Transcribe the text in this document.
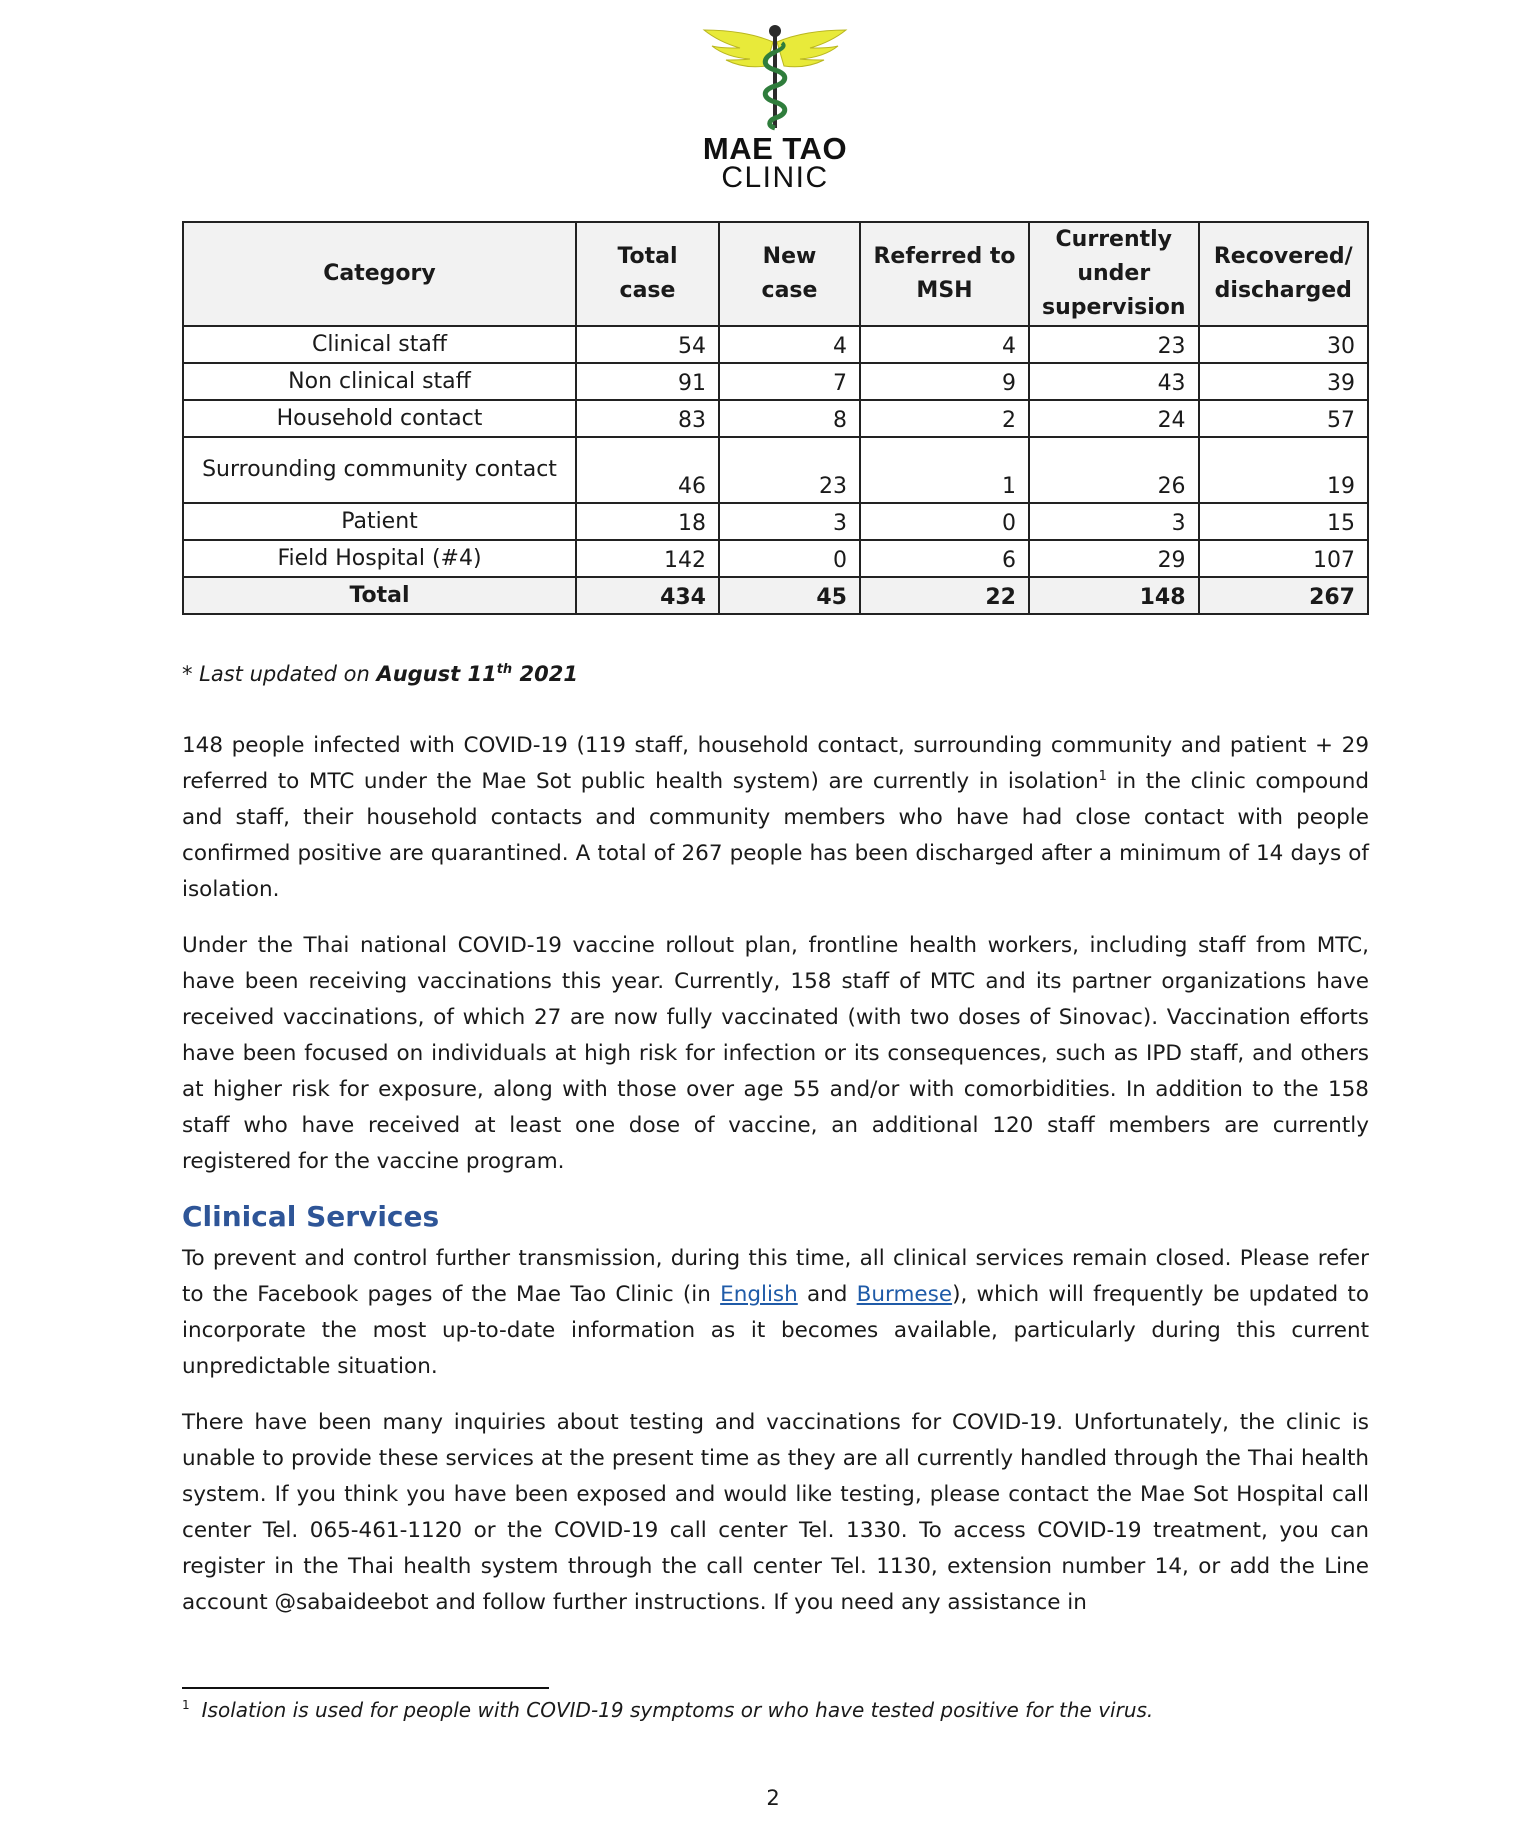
MAE TAO
CLINIC
Category	Total case	New case	Referred to MSH	Currently under supervision	Recovered/ discharged
Clinical staff	54	4	4	23	30
Non clinical staff	91	7	9	43	39
Household contact	83	8	2	24	57
Surrounding community contact	46	23	1	26	19
Patient	18	3	0	3	15
Field Hospital (#4)	142	0	6	29	107
Total	434	45	22	148	267
* Last updated on August 11th 2021

148 people infected with COVID-19 (119 staff, household contact, surrounding community and patient + 29 referred to MTC under the Mae Sot public health system) are currently in isolation$^1$ in the clinic compound and staff, their household contacts and community members who have had close contact with people confirmed positive are quarantined. A total of 267 people has been discharged after a minimum of 14 days of isolation.

Under the Thai national COVID-19 vaccine rollout plan, frontline health workers, including staff from MTC, have been receiving vaccinations this year. Currently, 158 staff of MTC and its partner organizations have received vaccinations, of which 27 are now fully vaccinated (with two doses of Sinovac). Vaccination efforts have been focused on individuals at high risk for infection or its consequences, such as IPD staff, and others at higher risk for exposure, along with those over age 55 and/or with comorbidities. In addition to the 158 staff who have received at least one dose of vaccine, an additional 120 staff members are currently registered for the vaccine program.

Clinical Services

To prevent and control further transmission, during this time, all clinical services remain closed. Please refer to the Facebook pages of the Mae Tao Clinic (in English and Burmese), which will frequently be updated to incorporate the most up-to-date information as it becomes available, particularly during this current unpredictable situation.

There have been many inquiries about testing and vaccinations for COVID-19. Unfortunately, the clinic is unable to provide these services at the present time as they are all currently handled through the Thai health system. If you think you have been exposed and would like testing, please contact the Mae Sot Hospital call center Tel. 065-461-1120 or the COVID-19 call center Tel. 1330. To access COVID-19 treatment, you can register in the Thai health system through the call center Tel. 1130, extension number 14, or add the Line account @sabaideebot and follow further instructions. If you need any assistance in

$^1$ Isolation is used for people with COVID-19 symptoms or who have tested positive for the virus.
2
